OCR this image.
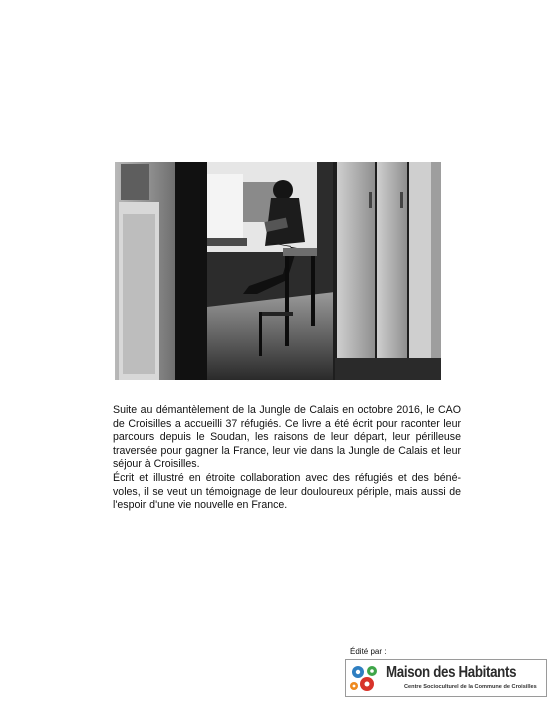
Suite au démantèlement de la Jungle de Calais en octobre 2016, le CAO de Croisilles a accueilli 37 réfugiés. Ce livre a été écrit pour raconter leur parcours depuis le Soudan, les raisons de leur départ, leur périlleuse traversée pour gagner la France, leur vie dans la Jungle de Calais et leur séjour à Croisilles.

Écrit et illustré en étroite collaboration avec des réfugiés et des béné-voles, il se veut un témoignage de leur douloureux périple, mais aussi de l'espoir d'une vie nouvelle en France.

Édité par :
Maison des Habitants
Centre Socioculturel de la Commune de Croisilles
